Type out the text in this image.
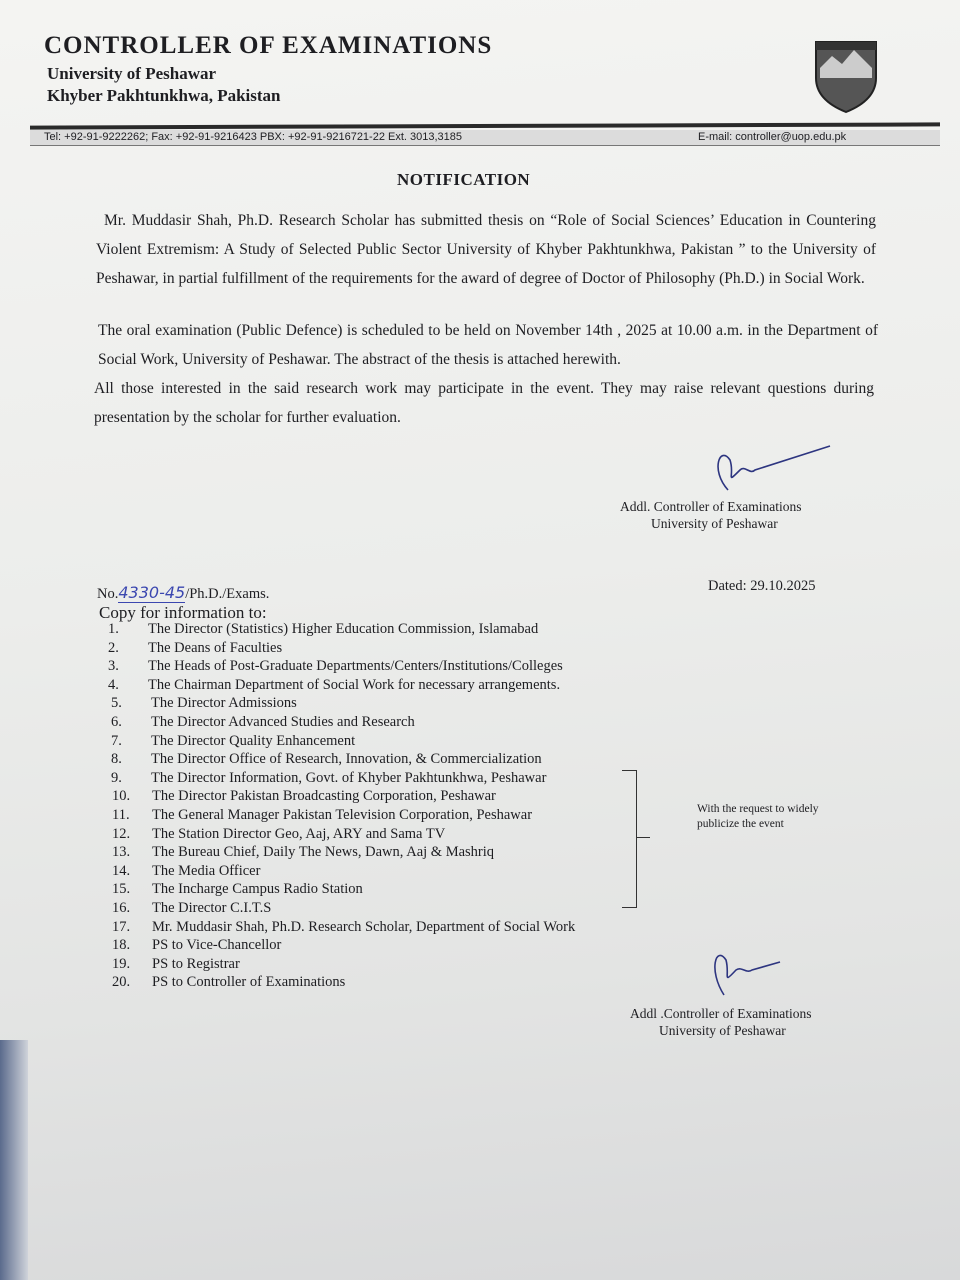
CONTROLLER OF EXAMINATIONS
University of Peshawar
Khyber Pakhtunkhwa, Pakistan
Tel: +92-91-9222262; Fax: +92-91-9216423 PBX: +92-91-9216721-22 Ext. 3013,3185	E-mail: controller@uop.edu.pk
NOTIFICATION
Mr. Muddasir Shah, Ph.D. Research Scholar has submitted thesis on “Role of Social Sciences’ Education in Countering Violent Extremism: A Study of Selected Public Sector University of Khyber Pakhtunkhwa, Pakistan ” to the University of Peshawar, in partial fulfillment of the requirements for the award of degree of Doctor of Philosophy (Ph.D.) in Social Work.
The oral examination (Public Defence) is scheduled to be held on November 14th , 2025 at 10.00 a.m. in the Department of Social Work, University of Peshawar. The abstract of the thesis is attached herewith.
All those interested in the said research work may participate in the event. They may raise relevant questions during presentation by the scholar for further evaluation.
Addl. Controller of Examinations
University of Peshawar
No.4330-45/Ph.D./Exams.	Dated: 29.10.2025
Copy for information to:
1. The Director (Statistics) Higher Education Commission, Islamabad
2. The Deans of Faculties
3. The Heads of Post-Graduate Departments/Centers/Institutions/Colleges
4. The Chairman Department of Social Work for necessary arrangements.
5. The Director Admissions
6. The Director Advanced Studies and Research
7. The Director Quality Enhancement
8. The Director Office of Research, Innovation, & Commercialization
9. The Director Information, Govt. of Khyber Pakhtunkhwa, Peshawar
10. The Director Pakistan Broadcasting Corporation, Peshawar
11. The General Manager Pakistan Television Corporation, Peshawar
12. The Station Director Geo, Aaj, ARY and Sama TV
13. The Bureau Chief, Daily The News, Dawn, Aaj & Mashriq
14. The Media Officer
15. The Incharge Campus Radio Station
16. The Director C.I.T.S
17. Mr. Muddasir Shah, Ph.D. Research Scholar, Department of Social Work
18. PS to Vice-Chancellor
19. PS to Registrar
20. PS to Controller of Examinations
With the request to widely publicize the event
Addl .Controller of Examinations
University of Peshawar
